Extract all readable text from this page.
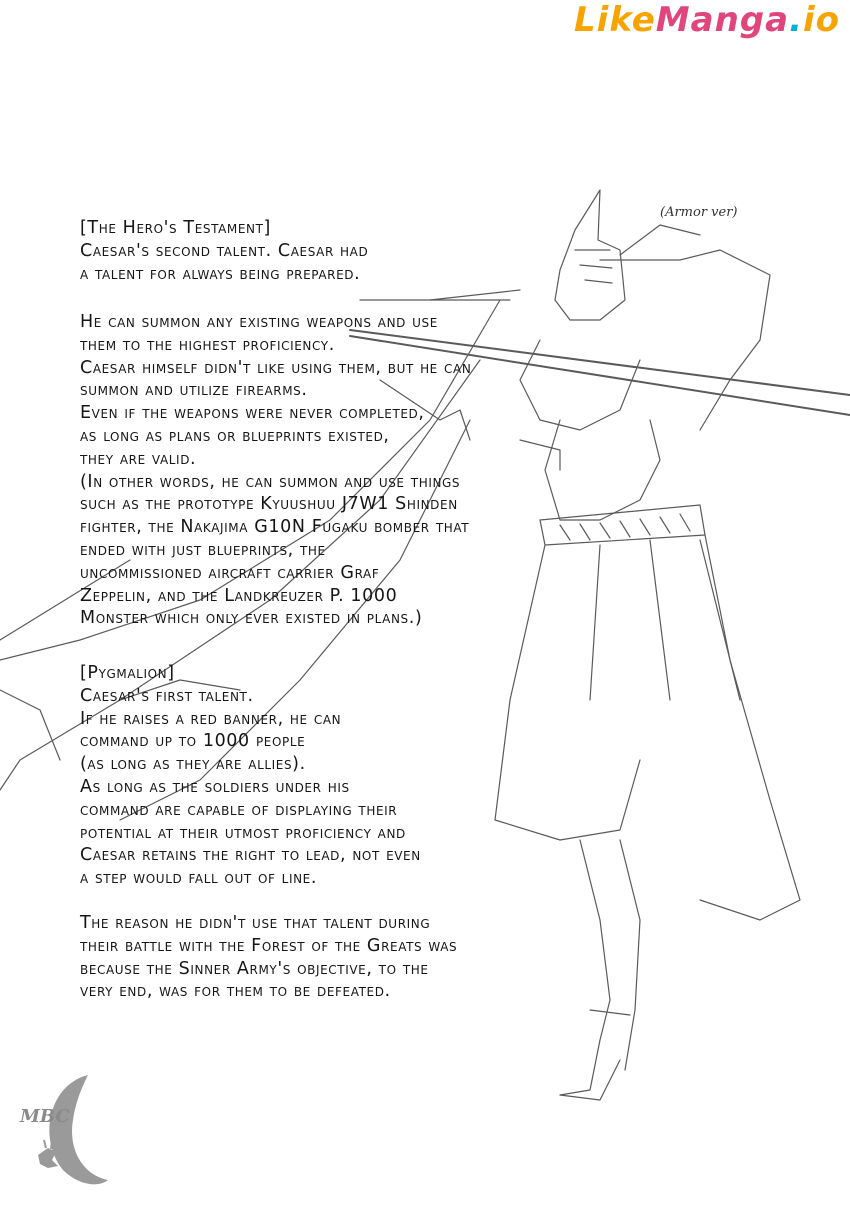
LikeManga.io
(Armor ver)

[The Hero's Testament]

Caesar's second talent. Caesar had

a talent for always being prepared.

He can summon any existing weapons and use

them to the highest proficiency.

Caesar himself didn't like using them, but he can

summon and utilize firearms.

Even if the weapons were never completed,

as long as plans or blueprints existed,

they are valid.

(In other words, he can summon and use things

such as the prototype Kyuushuu J7W1 Shinden

fighter, the Nakajima G10N Fugaku bomber that

ended with just blueprints, the

uncommissioned aircraft carrier Graf

Zeppelin, and the Landkreuzer P. 1000

Monster which only ever existed in plans.)

[Pygmalion]

Caesar's first talent.

If he raises a red banner, he can

command up to 1000 people

(as long as they are allies).

As long as the soldiers under his

command are capable of displaying their

potential at their utmost proficiency and

Caesar retains the right to lead, not even

a step would fall out of line.

The reason he didn't use that talent during

their battle with the Forest of the Greats was

because the Sinner Army's objective, to the

very end, was for them to be defeated.

MBC
